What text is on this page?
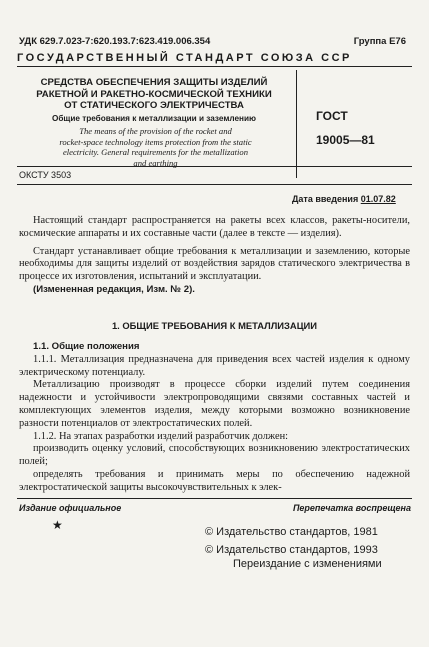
УДК 629.7.023-7:620.193.7:623.419.006.354	Группа Е76
ГОСУДАРСТВЕННЫЙ СТАНДАРТ СОЮЗА ССР
СРЕДСТВА ОБЕСПЕЧЕНИЯ ЗАЩИТЫ ИЗДЕЛИЙ
РАКЕТНОЙ И РАКЕТНО-КОСМИЧЕСКОЙ ТЕХНИКИ
ОТ СТАТИЧЕСКОГО ЭЛЕКТРИЧЕСТВА
Общие требования к металлизации и заземлению
The means of the provision of the rocket and
rocket-space technology items protection from the static
electricity. General requirements for the metallization
and earthing
ГОСТ
19005—81
ОКСТУ 3503
Дата введения 01.07.82

Настоящий стандарт распространяется на ракеты всех классов, ракеты-носители, космические аппараты и их составные части (далее в тексте — изделия).

Стандарт устанавливает общие требования к металлизации и заземлению, которые необходимы для защиты изделий от воздействия зарядов статического электричества в процессе их изготовления, испытаний и эксплуатации.

(Измененная редакция, Изм. № 2).

1. ОБЩИЕ ТРЕБОВАНИЯ К МЕТАЛЛИЗАЦИИ

1.1. Общие положения

1.1.1. Металлизация предназначена для приведения всех частей изделия к одному электрическому потенциалу.

Металлизацию производят в процессе сборки изделий путем соединения надежности и устойчивости электропроводящими связями составных частей и комплектующих элементов изделия, между которыми возможно возникновение разности потенциалов от электростатических полей.

1.1.2. На этапах разработки изделий разработчик должен:

производить оценку условий, способствующих возникновению электростатических полей;

определять требования и принимать меры по обеспечению надежной электростатической защиты высокочувствительных к элек-

Издание официальное	Перепечатка воспрещена
★	© Издательство стандартов, 1981
© Издательство стандартов, 1993
Переиздание с изменениями
